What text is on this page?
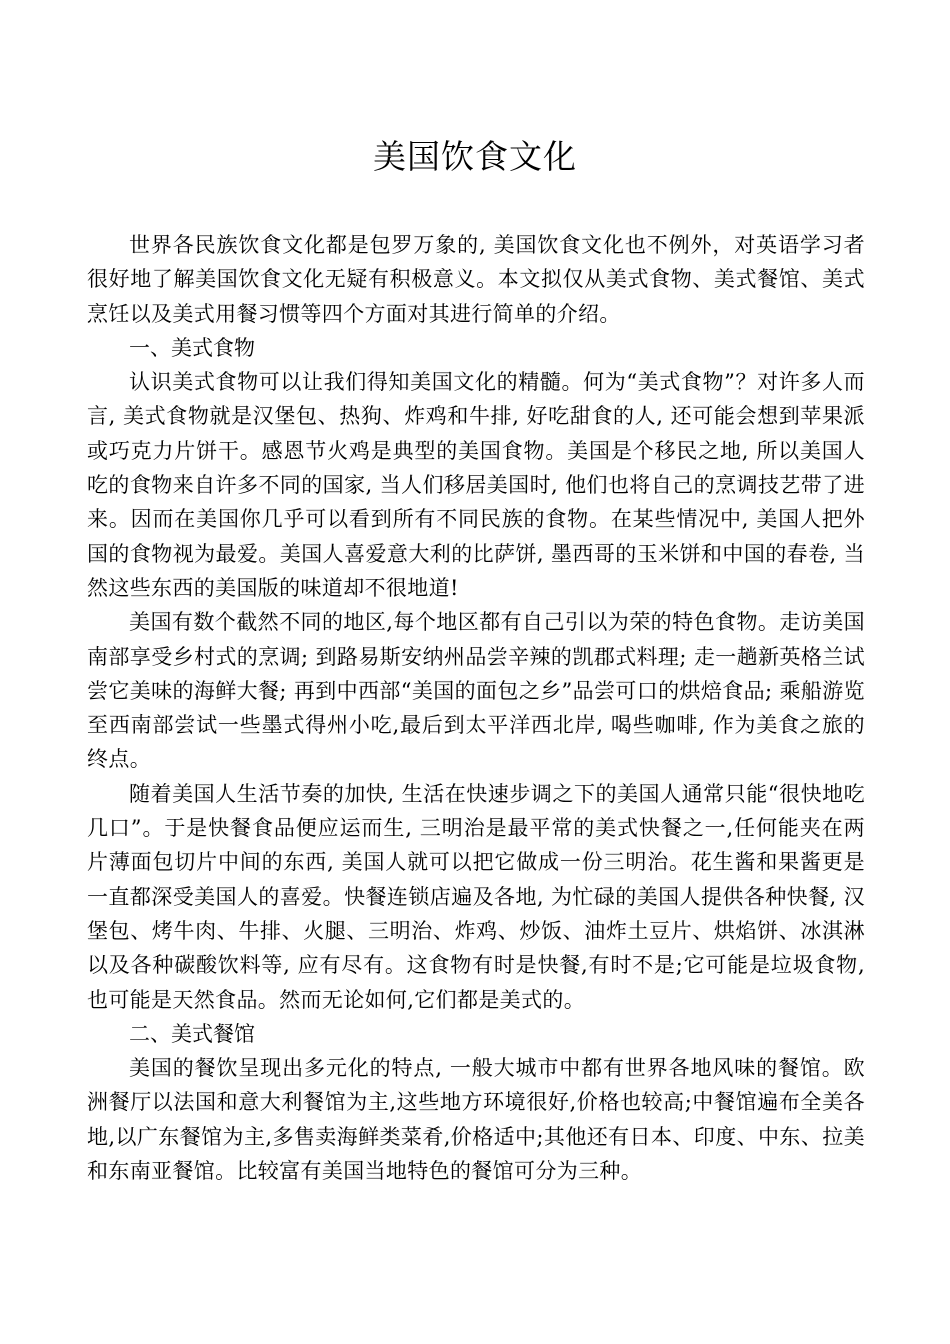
美国饮食文化

世界各民族饮食文化都是包罗万象的, 美国饮食文化也不例外，对英语学习者很好地了解美国饮食文化无疑有积极意义。本文拟仅从美式食物、美式餐馆、美式烹饪以及美式用餐习惯等四个方面对其进行简单的介绍。

一、美式食物

认识美式食物可以让我们得知美国文化的精髓。何为“美式食物”？对许多人而言, 美式食物就是汉堡包、热狗、炸鸡和牛排, 好吃甜食的人, 还可能会想到苹果派或巧克力片饼干。感恩节火鸡是典型的美国食物。美国是个移民之地, 所以美国人吃的食物来自许多不同的国家, 当人们移居美国时, 他们也将自己的烹调技艺带了进来。因而在美国你几乎可以看到所有不同民族的食物。在某些情况中, 美国人把外国的食物视为最爱。美国人喜爱意大利的比萨饼, 墨西哥的玉米饼和中国的春卷, 当然这些东西的美国版的味道却不很地道!

美国有数个截然不同的地区,每个地区都有自己引以为荣的特色食物。走访美国南部享受乡村式的烹调; 到路易斯安纳州品尝辛辣的凯郡式料理; 走一趟新英格兰试尝它美味的海鲜大餐; 再到中西部“美国的面包之乡”品尝可口的烘焙食品; 乘船游览至西南部尝试一些墨式得州小吃,最后到太平洋西北岸, 喝些咖啡, 作为美食之旅的终点。

随着美国人生活节奏的加快, 生活在快速步调之下的美国人通常只能“很快地吃几口”。于是快餐食品便应运而生, 三明治是最平常的美式快餐之一,任何能夹在两片薄面包切片中间的东西, 美国人就可以把它做成一份三明治。花生酱和果酱更是一直都深受美国人的喜爱。快餐连锁店遍及各地, 为忙碌的美国人提供各种快餐, 汉堡包、烤牛肉、牛排、火腿、三明治、炸鸡、炒饭、油炸土豆片、烘焰饼、冰淇淋以及各种碳酸饮料等, 应有尽有。这食物有时是快餐,有时不是;它可能是垃圾食物,也可能是天然食品。然而无论如何,它们都是美式的。

二、美式餐馆

美国的餐饮呈现出多元化的特点, 一般大城市中都有世界各地风味的餐馆。欧洲餐厅以法国和意大利餐馆为主,这些地方环境很好,价格也较高;中餐馆遍布全美各地,以广东餐馆为主,多售卖海鲜类菜肴,价格适中;其他还有日本、印度、中东、拉美和东南亚餐馆。比较富有美国当地特色的餐馆可分为三种。
